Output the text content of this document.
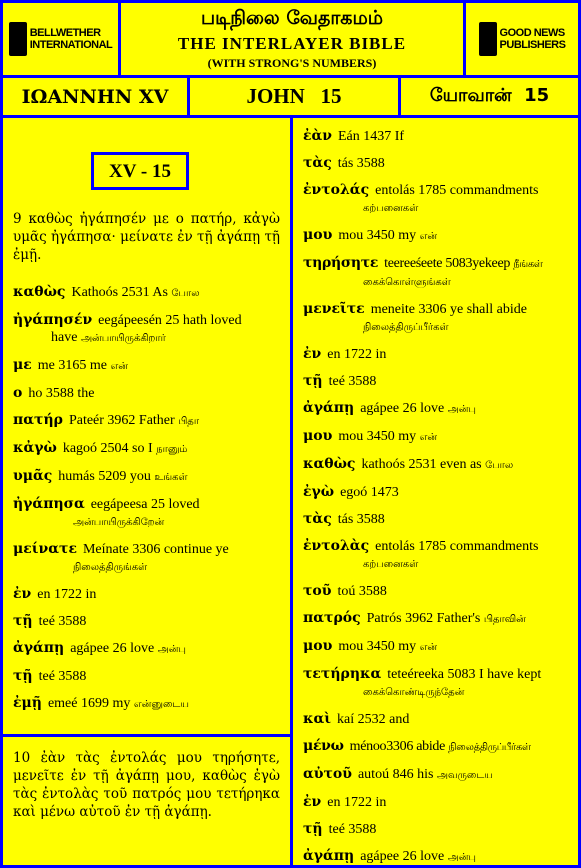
BELLWETHER
INTERNATIONAL
படிநிலை வேதாகமம்
THE INTERLAYER BIBLE
(WITH STRONG'S NUMBERS)
GOOD NEWS
PUBLISHERS
IΩANNHN XV	JOHN   15	யோவான்  15
XV - 15
9 καθὼς ἠγάπησέν με ο πατήρ, κἀγὼ υμᾶς ἠγάπησα· μείνατε ἐν τῇ ἀγάπῃ τῇ ἐμῇ.
καθὼς Kathoós 2531 As போல
ἠγάπησέν eegápeesén 25 hath loved
have அன்பாயிருக்கிறார்
με me 3165 me என்
ο ho 3588 the
πατήρ Pateér 3962 Father பிதா
κἀγὼ kagoó 2504 so I நானும்
υμᾶς humás 5209 you உங்கள்
ἠγάπησα eegápeesa 25 loved
அன்பாயிருக்கிறேன்
μείνατε Meínate 3306 continue ye
நிலைத்திருங்கள்
ἐν en 1722 in
τῇ teé 3588
ἀγάπῃ agápee 26 love அன்பு
τῇ teé 3588
ἐμῇ emeé 1699 my என்னுடைய
10 ἐὰν τὰς ἐντολάς μου τηρήσητε, μενεῖτε ἐν τῇ ἀγάπῃ μου, καθὼς ἐγὼ τὰς ἐντολὰς τοῦ πατρός μου τετήρηκα καὶ μένω αὐτοῦ ἐν τῇ ἀγάπῃ.
ἐὰν Eán 1437 If
τὰς tás 3588
ἐντολάς entolás 1785 commandments
கற்பனைகள்
μου mou 3450 my என்
τηρήσητε teereeśeete 5083yekeep நீங்கள்
கைக்கொள்ளுங்கள்
μενεῖτε meneite 3306 ye shall abide
நிலைத்திருப்பீர்கள்
ἐν en 1722 in
τῇ teé 3588
ἀγάπῃ agápee 26 love அன்பு
μου mou 3450 my என்
καθὼς kathoós 2531 even as போல
ἐγὼ egoó 1473
τὰς tás 3588
ἐντολὰς entolás 1785 commandments
கற்பனைகள்
τοῦ toú 3588
πατρός Patrós 3962 Father's பிதாவின்
μου mou 3450 my என்
τετήρηκα teteéreeka 5083 I have kept
கைக்கொண்டிருந்தேன்
καὶ kaí 2532 and
μένω ménoo3306 abide நிலைத்திருப்பீர்கள்
αὐτοῦ autoú 846 his அவருடைய
ἐν en 1722 in
τῇ teé 3588
ἀγάπῃ agápee 26 love அன்பு
